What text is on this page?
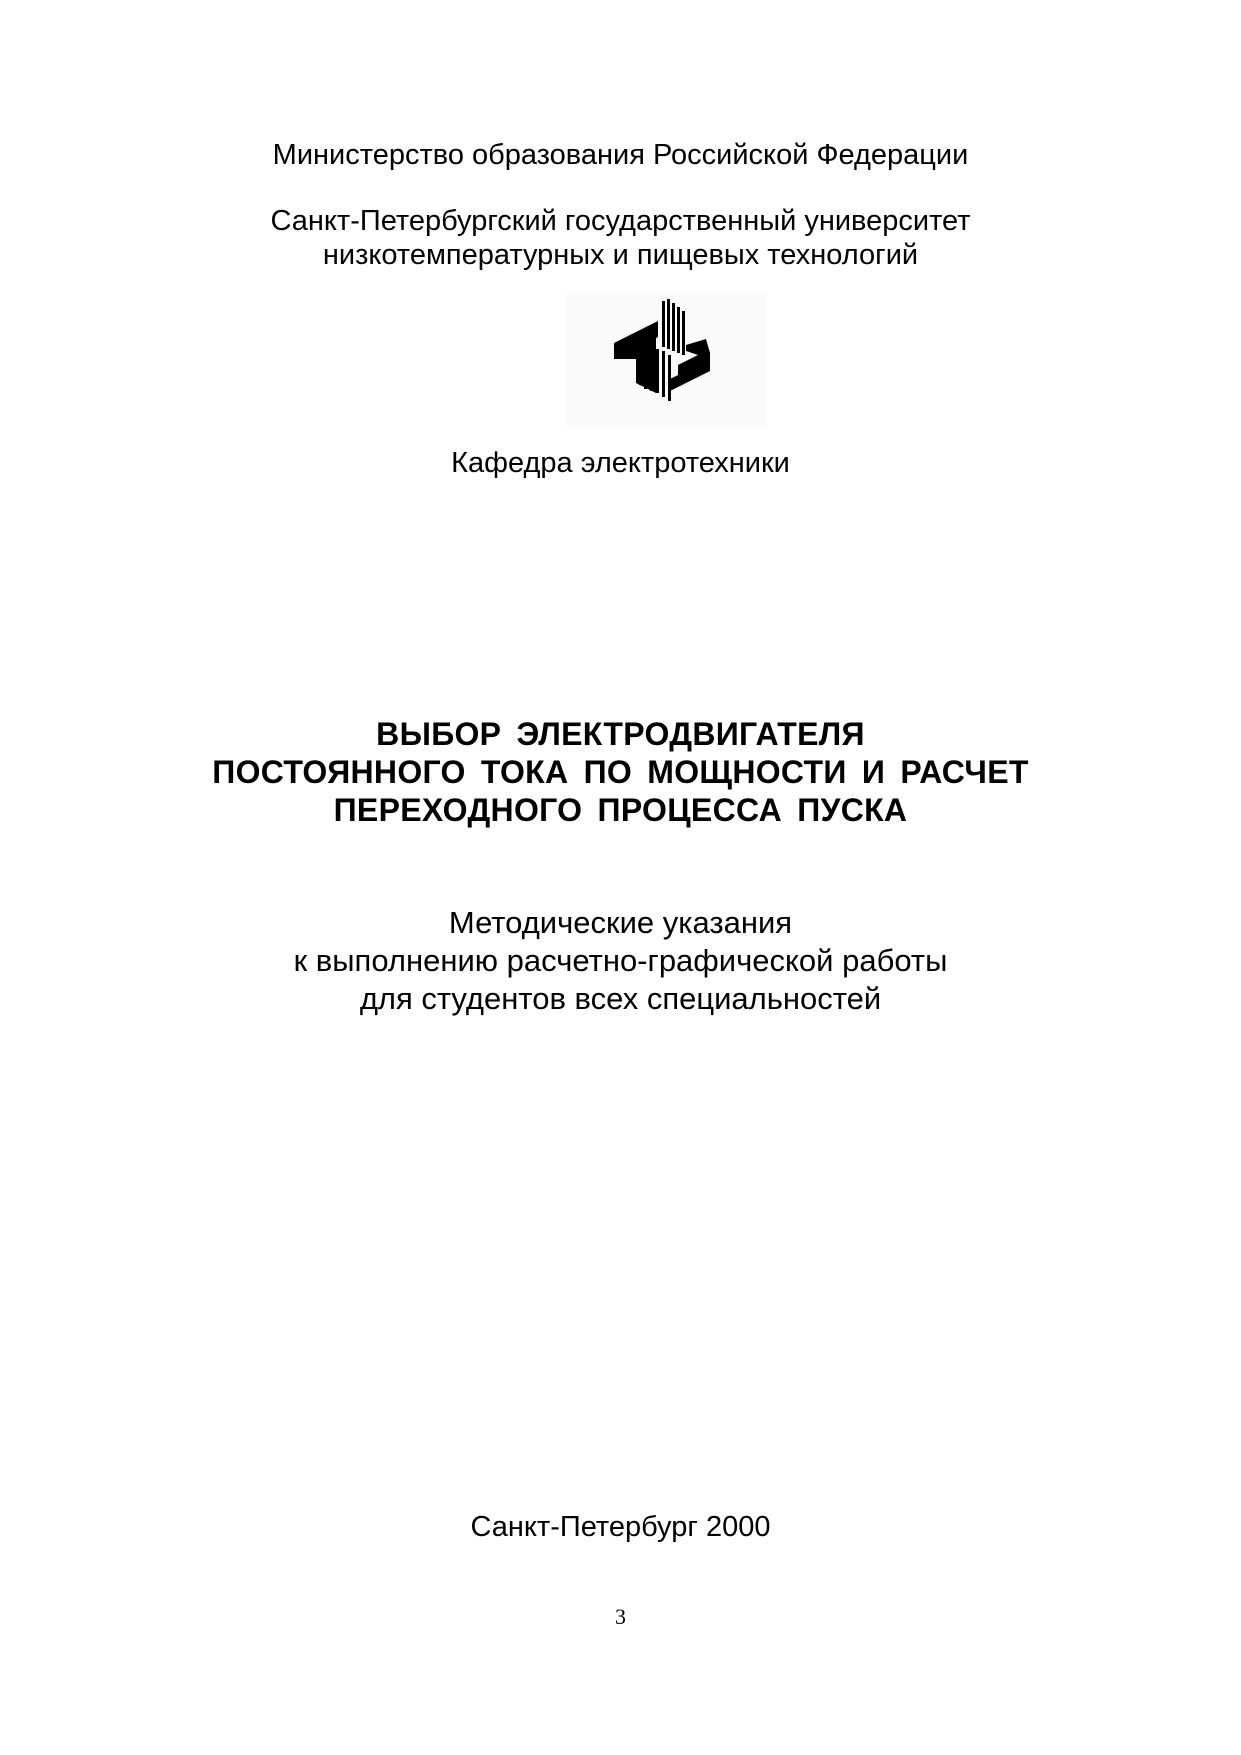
Министерство образования Российской Федерации

Санкт-Петербургский государственный университет

низкотемпературных и пищевых технологий

Кафедра электротехники

ВЫБОР ЭЛЕКТРОДВИГАТЕЛЯ

ПОСТОЯННОГО ТОКА ПО МОЩНОСТИ И РАСЧЕТ

ПЕРЕХОДНОГО ПРОЦЕССА ПУСКА

Методические указания

к выполнению расчетно-графической работы

для студентов всех специальностей

Санкт-Петербург 2000

3
